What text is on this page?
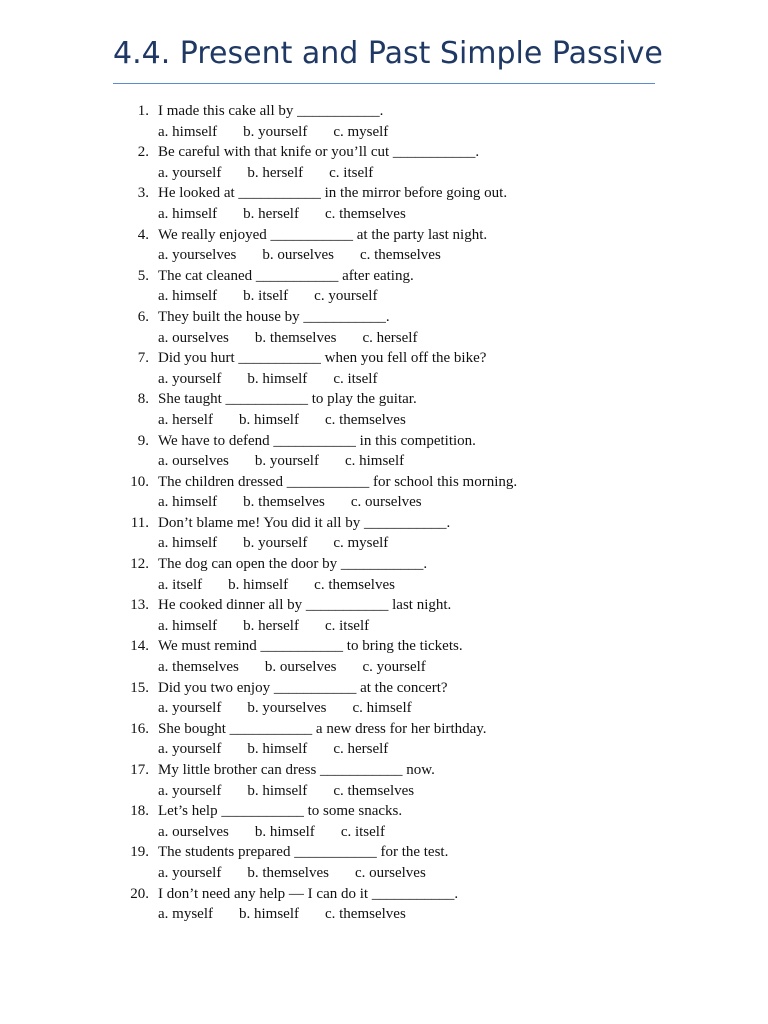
4.4. Present and Past Simple Passive
1. I made this cake all by ___________.
a. himself b. yourself c. myself
2. Be careful with that knife or you’ll cut ___________.
a. yourself b. herself c. itself
3. He looked at ___________ in the mirror before going out.
a. himself b. herself c. themselves
4. We really enjoyed ___________ at the party last night.
a. yourselves b. ourselves c. themselves
5. The cat cleaned ___________ after eating.
a. himself b. itself c. yourself
6. They built the house by ___________.
a. ourselves b. themselves c. herself
7. Did you hurt ___________ when you fell off the bike?
a. yourself b. himself c. itself
8. She taught ___________ to play the guitar.
a. herself b. himself c. themselves
9. We have to defend ___________ in this competition.
a. ourselves b. yourself c. himself
10. The children dressed ___________ for school this morning.
a. himself b. themselves c. ourselves
11. Don’t blame me! You did it all by ___________.
a. himself b. yourself c. myself
12. The dog can open the door by ___________.
a. itself b. himself c. themselves
13. He cooked dinner all by ___________ last night.
a. himself b. herself c. itself
14. We must remind ___________ to bring the tickets.
a. themselves b. ourselves c. yourself
15. Did you two enjoy ___________ at the concert?
a. yourself b. yourselves c. himself
16. She bought ___________ a new dress for her birthday.
a. yourself b. himself c. herself
17. My little brother can dress ___________ now.
a. yourself b. himself c. themselves
18. Let’s help ___________ to some snacks.
a. ourselves b. himself c. itself
19. The students prepared ___________ for the test.
a. yourself b. themselves c. ourselves
20. I don’t need any help — I can do it ___________.
a. myself b. himself c. themselves
